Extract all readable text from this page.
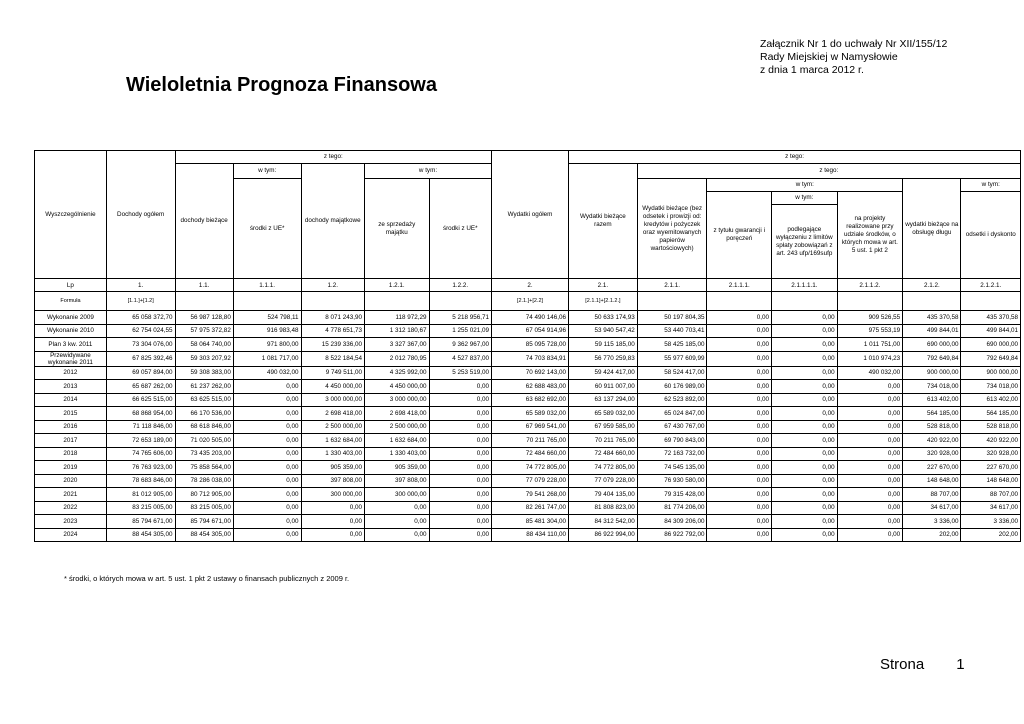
Załącznik Nr 1 do uchwały Nr XII/155/12
Rady Miejskiej w Namysłowie
z dnia 1 marca 2012 r.
Wieloletnia Prognoza Finansowa
Wyszczególnienie	Dochody ogółem	z tego:					Wydatki ogółem	z tego:						
		dochody bieżące	w tym:	dochody majątkowe	w tym:			Wydatki bieżące razem	z tego:					
			środki z UE*		ze sprzedaży majątku	środki z UE*			Wydatki bieżące (bez odsetek i prowizji od: kredytów i pożyczek oraz wyemitowanych papierów wartościowych)	w tym:			wydatki bieżące na obsługę długu	w tym:
										z tytułu gwarancji i poręczeń	w tym:	na projekty realizowane przy udziale środków, o których mowa w art. 5 ust. 1 pkt 2		odsetki i dyskonto
											podlegające wyłączeniu z limitów spłaty zobowiązań z art. 243 ufp/169sufp			
Lp	1.	1.1.	1.1.1.	1.2.	1.2.1.	1.2.2.	2.	2.1.	2.1.1.	2.1.1.1.	2.1.1.1.1.	2.1.1.2.	2.1.2.	2.1.2.1.
Formuła	[1.1.]+[1.2]						[2.1.]+[2.2]	[2.1.1]+[2.1.2.]						
Wykonanie 2009	65 058 372,70	56 987 128,80	524 798,11	8 071 243,90	118 972,29	5 218 956,71	74 490 146,06	50 633 174,93	50 197 804,35	0,00	0,00	909 526,55	435 370,58	435 370,58
Wykonanie 2010	62 754 024,55	57 975 372,82	916 983,48	4 778 651,73	1 312 180,67	1 255 021,09	67 054 914,96	53 940 547,42	53 440 703,41	0,00	0,00	975 553,19	499 844,01	499 844,01
Plan 3 kw. 2011	73 304 076,00	58 064 740,00	971 800,00	15 239 336,00	3 327 367,00	9 362 967,00	85 095 728,00	59 115 185,00	58 425 185,00	0,00	0,00	1 011 751,00	690 000,00	690 000,00
Przewidywane wykonanie 2011	67 825 392,46	59 303 207,92	1 081 717,00	8 522 184,54	2 012 780,95	4 527 837,00	74 703 834,91	56 770 259,83	55 977 609,99	0,00	0,00	1 010 974,23	792 649,84	792 649,84
2012	69 057 894,00	59 308 383,00	490 032,00	9 749 511,00	4 325 992,00	5 253 519,00	70 692 143,00	59 424 417,00	58 524 417,00	0,00	0,00	490 032,00	900 000,00	900 000,00
2013	65 687 262,00	61 237 262,00	0,00	4 450 000,00	4 450 000,00	0,00	62 688 483,00	60 911 007,00	60 176 989,00	0,00	0,00	0,00	734 018,00	734 018,00
2014	66 625 515,00	63 625 515,00	0,00	3 000 000,00	3 000 000,00	0,00	63 682 692,00	63 137 294,00	62 523 892,00	0,00	0,00	0,00	613 402,00	613 402,00
2015	68 868 954,00	66 170 536,00	0,00	2 698 418,00	2 698 418,00	0,00	65 589 032,00	65 589 032,00	65 024 847,00	0,00	0,00	0,00	564 185,00	564 185,00
2016	71 118 846,00	68 618 846,00	0,00	2 500 000,00	2 500 000,00	0,00	67 969 541,00	67 959 585,00	67 430 767,00	0,00	0,00	0,00	528 818,00	528 818,00
2017	72 653 189,00	71 020 505,00	0,00	1 632 684,00	1 632 684,00	0,00	70 211 765,00	70 211 765,00	69 790 843,00	0,00	0,00	0,00	420 922,00	420 922,00
2018	74 765 606,00	73 435 203,00	0,00	1 330 403,00	1 330 403,00	0,00	72 484 660,00	72 484 660,00	72 163 732,00	0,00	0,00	0,00	320 928,00	320 928,00
2019	76 763 923,00	75 858 564,00	0,00	905 359,00	905 359,00	0,00	74 772 805,00	74 772 805,00	74 545 135,00	0,00	0,00	0,00	227 670,00	227 670,00
2020	78 683 846,00	78 286 038,00	0,00	397 808,00	397 808,00	0,00	77 079 228,00	77 079 228,00	76 930 580,00	0,00	0,00	0,00	148 648,00	148 648,00
2021	81 012 905,00	80 712 905,00	0,00	300 000,00	300 000,00	0,00	79 541 268,00	79 404 135,00	79 315 428,00	0,00	0,00	0,00	88 707,00	88 707,00
2022	83 215 005,00	83 215 005,00	0,00	0,00	0,00	0,00	82 261 747,00	81 808 823,00	81 774 206,00	0,00	0,00	0,00	34 617,00	34 617,00
2023	85 794 671,00	85 794 671,00	0,00	0,00	0,00	0,00	85 481 304,00	84 312 542,00	84 309 206,00	0,00	0,00	0,00	3 336,00	3 336,00
2024	88 454 305,00	88 454 305,00	0,00	0,00	0,00	0,00	88 434 110,00	86 922 994,00	86 922 792,00	0,00	0,00	0,00	202,00	202,00
* środki, o których mowa w art. 5 ust. 1 pkt 2 ustawy o finansach publicznych z 2009 r.
Strona 1
